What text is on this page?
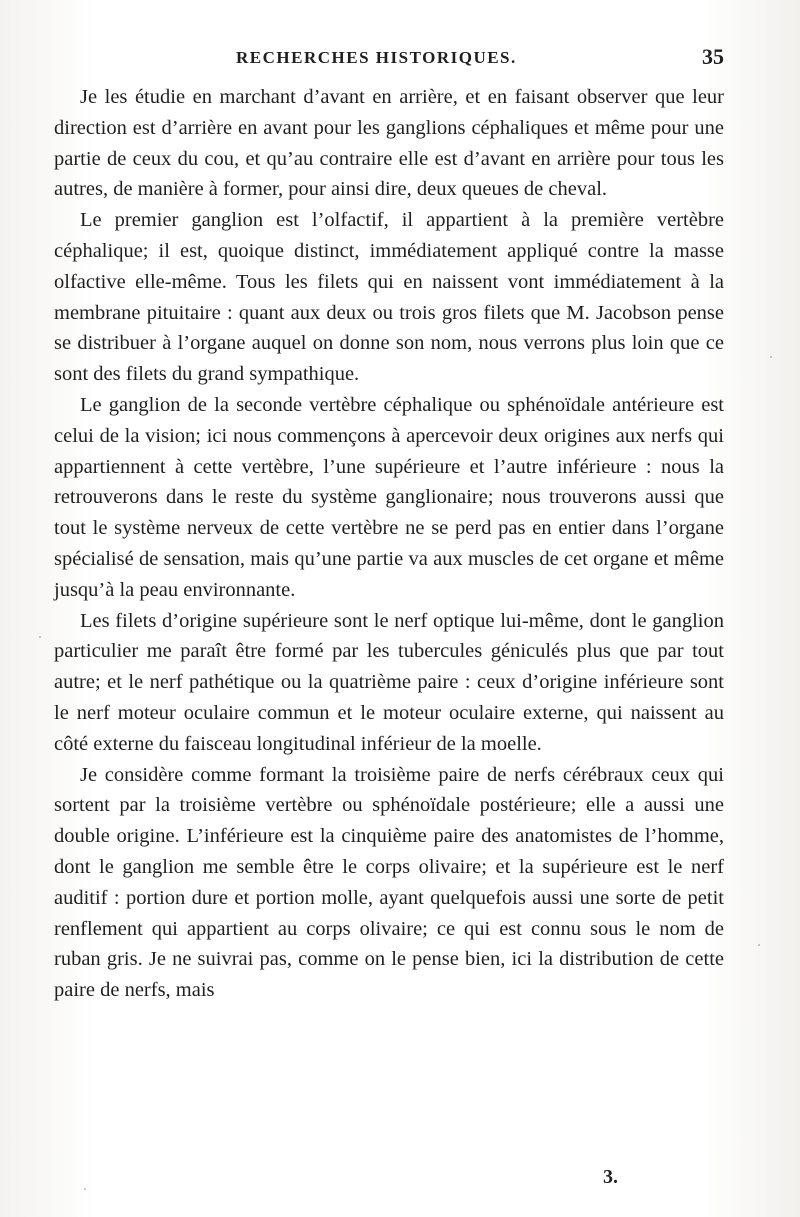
RECHERCHES HISTORIQUES.	35

Je les étudie en marchant d’avant en arrière, et en faisant observer que leur direction est d’arrière en avant pour les ganglions céphaliques et même pour une partie de ceux du cou, et qu’au contraire elle est d’avant en arrière pour tous les autres, de manière à former, pour ainsi dire, deux queues de cheval.

Le premier ganglion est l’olfactif, il appartient à la première vertèbre céphalique; il est, quoique distinct, immédiatement appliqué contre la masse olfactive elle-même. Tous les filets qui en naissent vont immédiatement à la membrane pituitaire : quant aux deux ou trois gros filets que M. Jacobson pense se distribuer à l’organe auquel on donne son nom, nous verrons plus loin que ce sont des filets du grand sympathique.

Le ganglion de la seconde vertèbre céphalique ou sphénoïdale antérieure est celui de la vision; ici nous commençons à apercevoir deux origines aux nerfs qui appartiennent à cette vertèbre, l’une supérieure et l’autre inférieure : nous la retrouverons dans le reste du système ganglionaire; nous trouverons aussi que tout le système nerveux de cette vertèbre ne se perd pas en entier dans l’organe spécialisé de sensation, mais qu’une partie va aux muscles de cet organe et même jusqu’à la peau environnante.

Les filets d’origine supérieure sont le nerf optique lui-même, dont le ganglion particulier me paraît être formé par les tubercules géniculés plus que par tout autre; et le nerf pathétique ou la quatrième paire : ceux d’origine inférieure sont le nerf moteur oculaire commun et le moteur oculaire externe, qui naissent au côté externe du faisceau longitudinal inférieur de la moelle.

Je considère comme formant la troisième paire de nerfs cérébraux ceux qui sortent par la troisième vertèbre ou sphénoïdale postérieure; elle a aussi une double origine. L’inférieure est la cinquième paire des anatomistes de l’homme, dont le ganglion me semble être le corps olivaire; et la supérieure est le nerf auditif : portion dure et portion molle, ayant quelquefois aussi une sorte de petit renflement qui appartient au corps olivaire; ce qui est connu sous le nom de ruban gris. Je ne suivrai pas, comme on le pense bien, ici la distribution de cette paire de nerfs, mais

3.
